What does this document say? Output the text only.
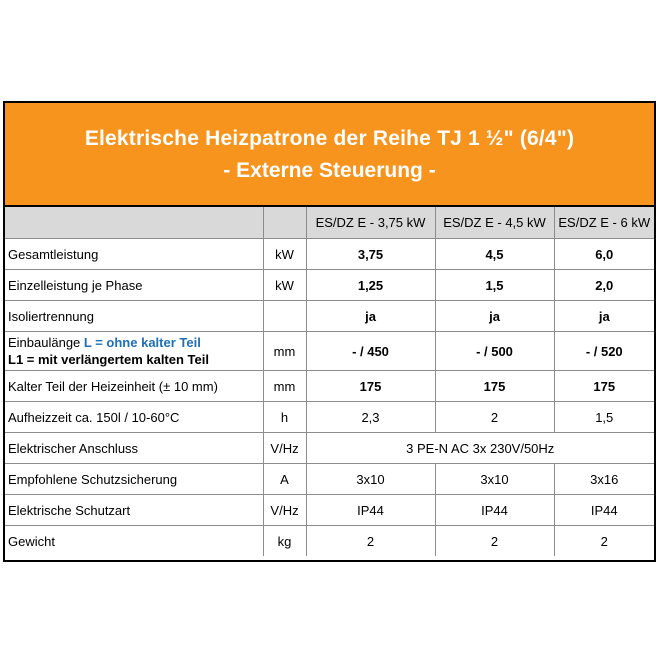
Elektrische Heizpatrone der Reihe TJ 1 ½" (6/4")
- Externe Steuerung -
		ES/DZ E - 3,75 kW	ES/DZ E - 4,5 kW	ES/DZ E - 6 kW
Gesamtleistung	kW	3,75	4,5	6,0
Einzelleistung je Phase	kW	1,25	1,5	2,0
Isoliertrennung		ja	ja	ja
Einbaulänge L = ohne kalter Teil
L1 = mit verlängertem kalten Teil	mm	- / 450	- / 500	- / 520
Kalter Teil der Heizeinheit (± 10 mm)	mm	175	175	175
Aufheizzeit ca. 150l / 10-60°C	h	2,3	2	1,5
Elektrischer Anschluss	V/Hz	3 PE-N AC 3x 230V/50Hz		
Empfohlene Schutzsicherung	A	3x10	3x10	3x16
Elektrische Schutzart	V/Hz	IP44	IP44	IP44
Gewicht	kg	2	2	2
